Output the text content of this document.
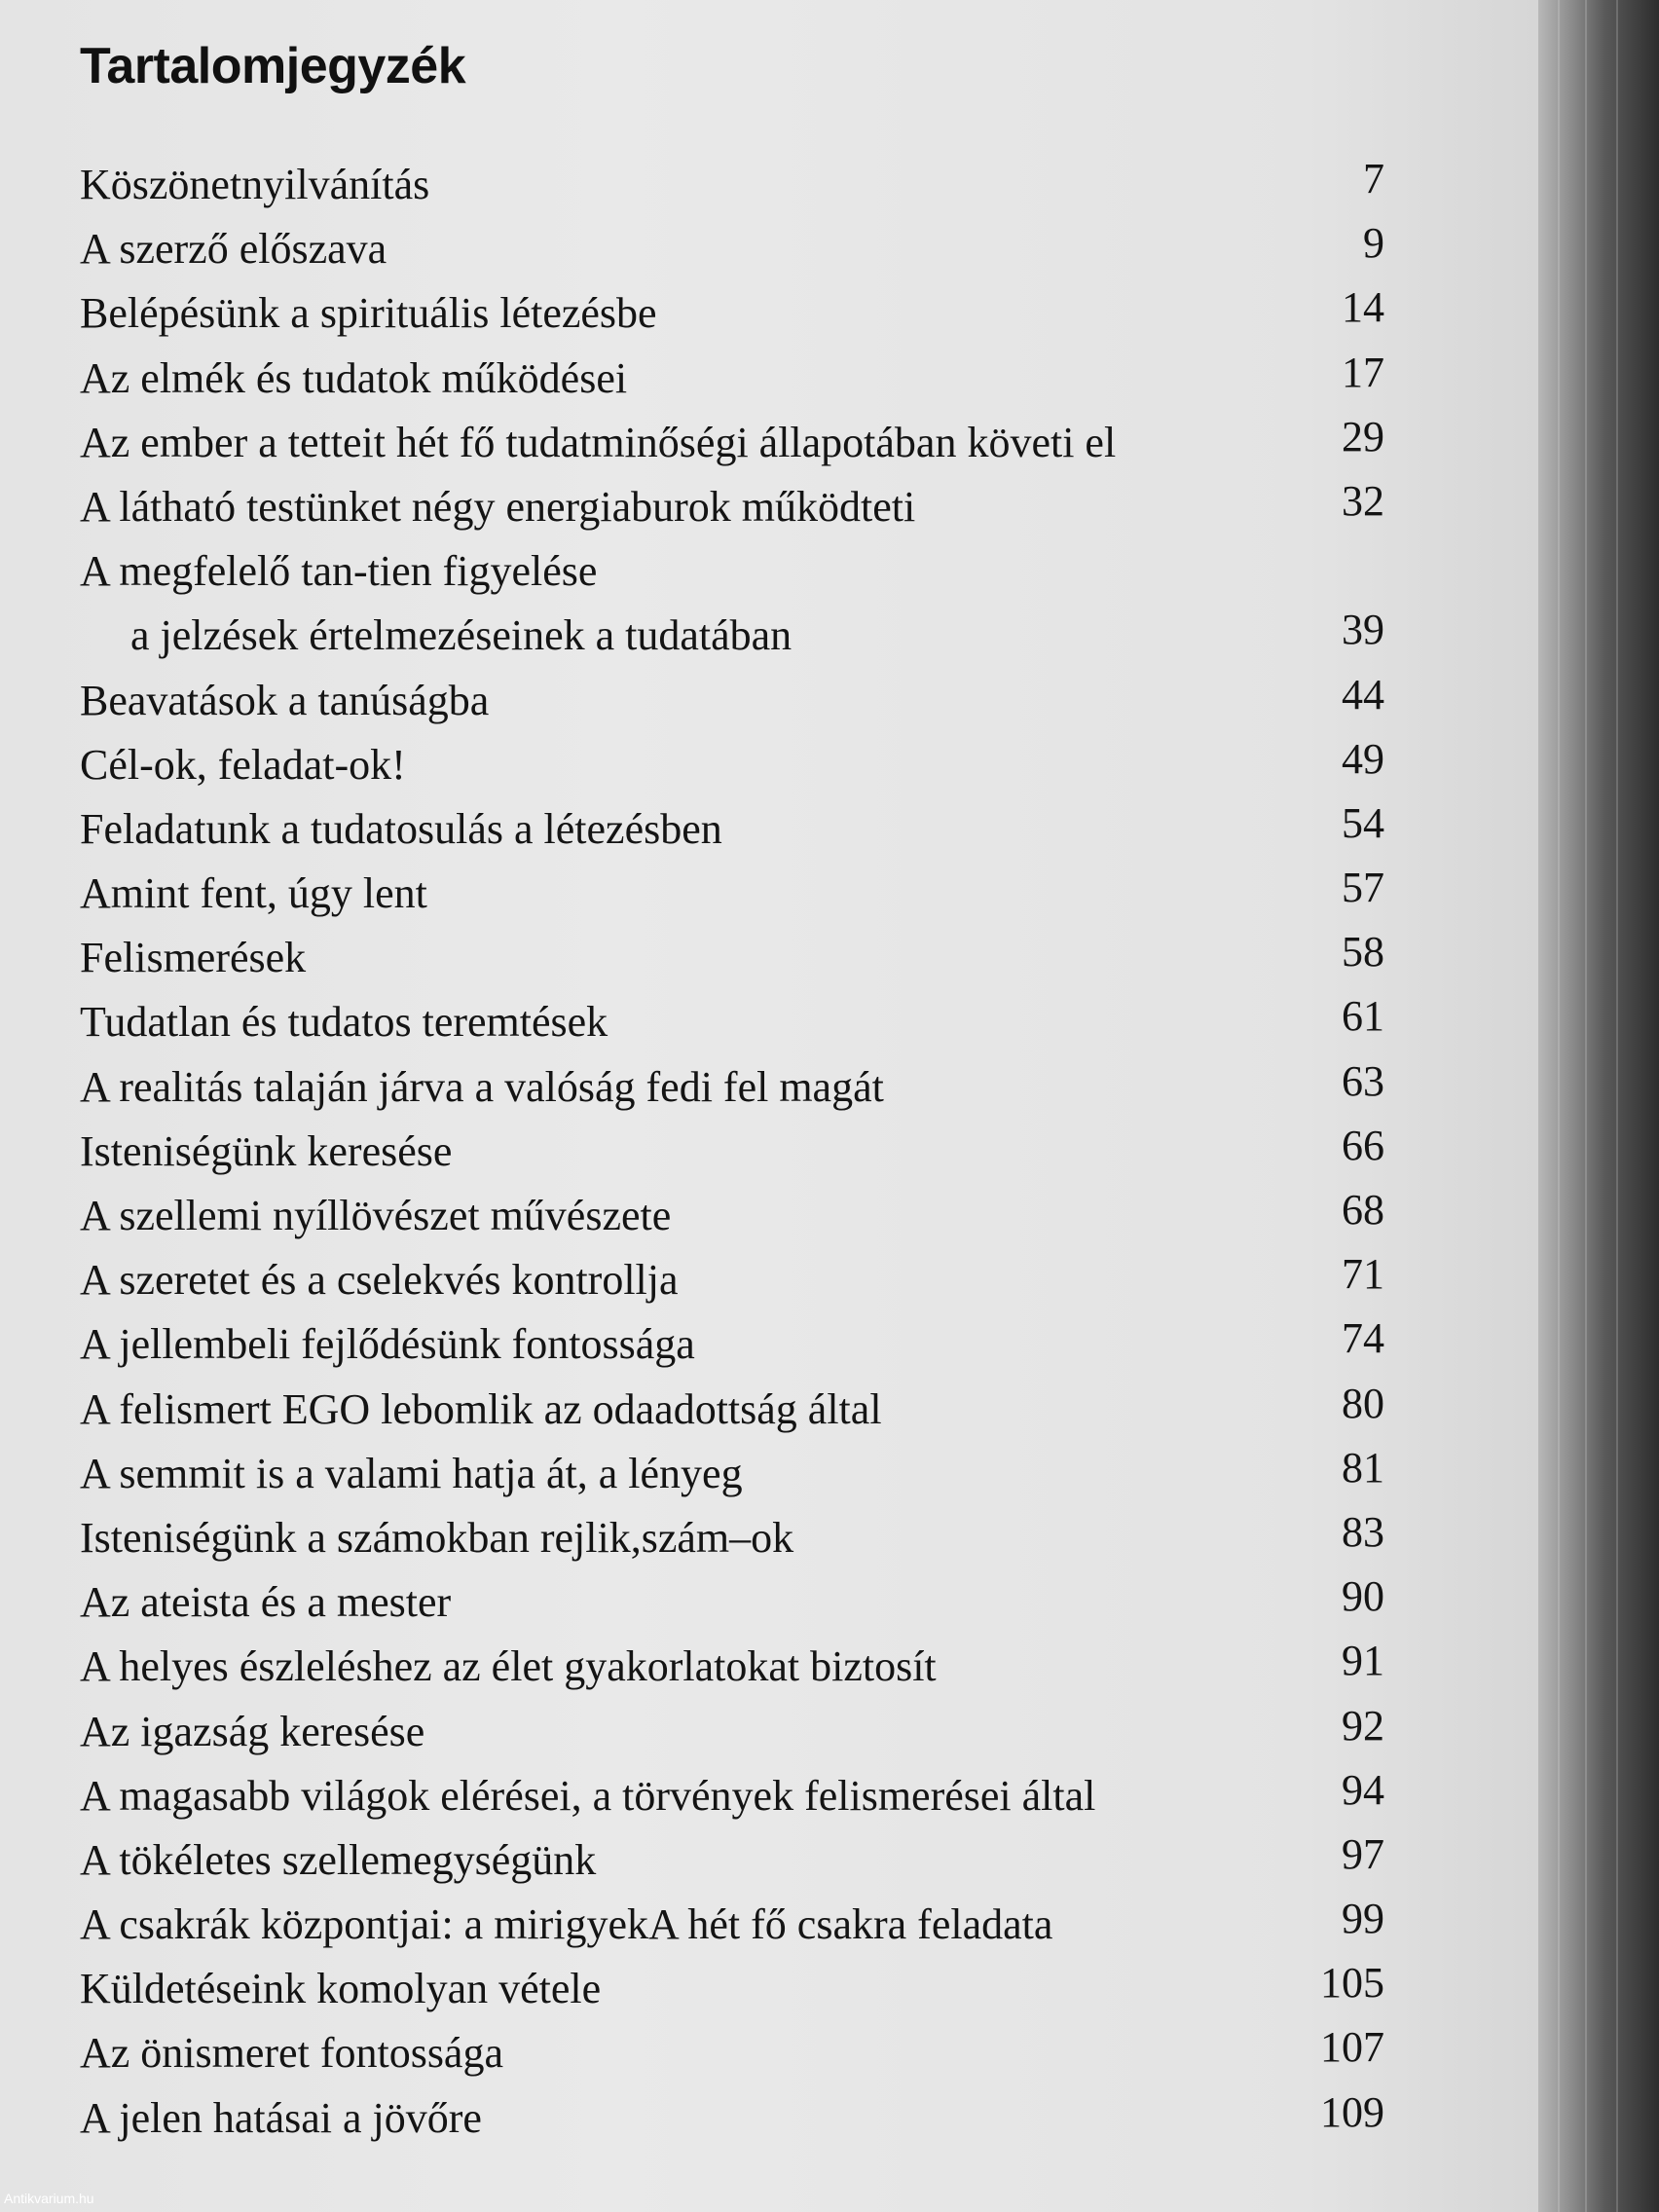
Tartalomjegyzék
Köszönetnyilvánítás	7
A szerző előszava	9
Belépésünk a spirituális létezésbe	14
Az elmék és tudatok működései	17
Az ember a tetteit hét fő tudatminőségi állapotában követi el	29
A látható testünket négy energiaburok működteti	32
A megfelelő tan-tien figyelése
a jelzések értelmezéseinek a tudatában	39
Beavatások a tanúságba	44
Cél-ok, feladat-ok!	49
Feladatunk a tudatosulás a létezésben	54
Amint fent, úgy lent	57
Felismerések	58
Tudatlan és tudatos teremtések	61
A realitás talaján járva a valóság fedi fel magát	63
Isteniségünk keresése	66
A szellemi nyíllövészet művészete	68
A szeretet és a cselekvés kontrollja	71
A jellembeli fejlődésünk fontossága	74
A felismert EGO lebomlik az odaadottság által	80
A semmit is a valami hatja át, a lényeg	81
Isteniségünk a számokban rejlik,szám–ok	83
Az ateista és a mester	90
A helyes észleléshez az élet gyakorlatokat biztosít	91
Az igazság keresése	92
A magasabb világok elérései, a törvények felismerései által	94
A tökéletes szellemegységünk	97
A csakrák központjai: a mirigyekA hét fő csakra feladata	99
Küldetéseink komolyan vétele	105
Az önismeret fontossága	107
A jelen hatásai a jövőre	109
Antikvarium.hu
